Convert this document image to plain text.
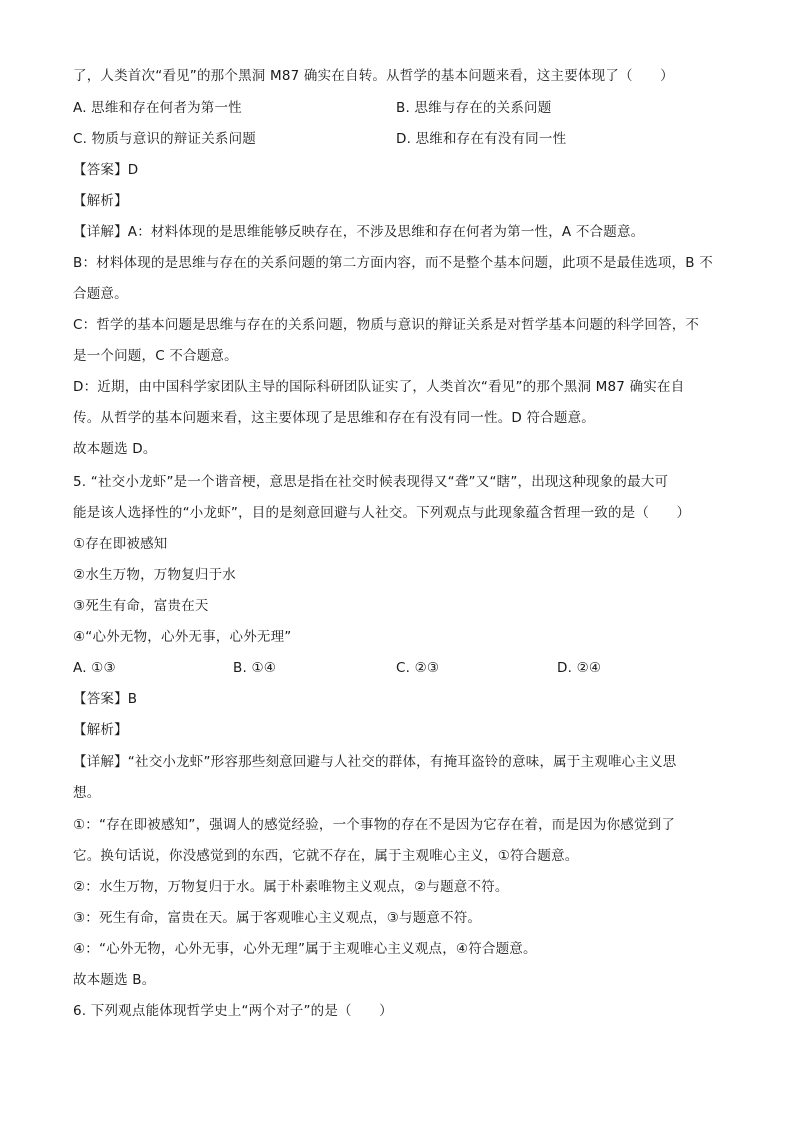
了，人类首次“看见”的那个黑洞 M87 确实在自转。从哲学的基本问题来看，这主要体现了（　　）
A. 思维和存在何者为第一性	B. 思维与存在的关系问题
C. 物质与意识的辩证关系问题	D. 思维和存在有没有同一性
【答案】D
【解析】
【详解】A：材料体现的是思维能够反映存在，不涉及思维和存在何者为第一性，A 不合题意。
B：材料体现的是思维与存在的关系问题的第二方面内容，而不是整个基本问题，此项不是最佳选项，B 不
合题意。
C：哲学的基本问题是思维与存在的关系问题，物质与意识的辩证关系是对哲学基本问题的科学回答，不
是一个问题，C 不合题意。
D：近期，由中国科学家团队主导的国际科研团队证实了，人类首次“看见”的那个黑洞 M87 确实在自
传。从哲学的基本问题来看，这主要体现了是思维和存在有没有同一性。D 符合题意。
故本题选 D。
5. “社交小龙虾”是一个谐音梗，意思是指在社交时候表现得又“聋”又“瞎”，出现这种现象的最大可
能是该人选择性的“小龙虾”，目的是刻意回避与人社交。下列观点与此现象蕴含哲理一致的是（　　）
①存在即被感知
②水生万物，万物复归于水
③死生有命，富贵在天
④“心外无物，心外无事，心外无理”
A. ①③	B. ①④	C. ②③	D. ②④
【答案】B
【解析】
【详解】“社交小龙虾”形容那些刻意回避与人社交的群体，有掩耳盗铃的意味，属于主观唯心主义思
想。
①：“存在即被感知”，强调人的感觉经验，一个事物的存在不是因为它存在着，而是因为你感觉到了
它。换句话说，你没感觉到的东西，它就不存在，属于主观唯心主义，①符合题意。
②：水生万物，万物复归于水。属于朴素唯物主义观点，②与题意不符。
③：死生有命，富贵在天。属于客观唯心主义观点，③与题意不符。
④：“心外无物，心外无事，心外无理”属于主观唯心主义观点，④符合题意。
故本题选 B。
6. 下列观点能体现哲学史上“两个对子”的是（　　）
